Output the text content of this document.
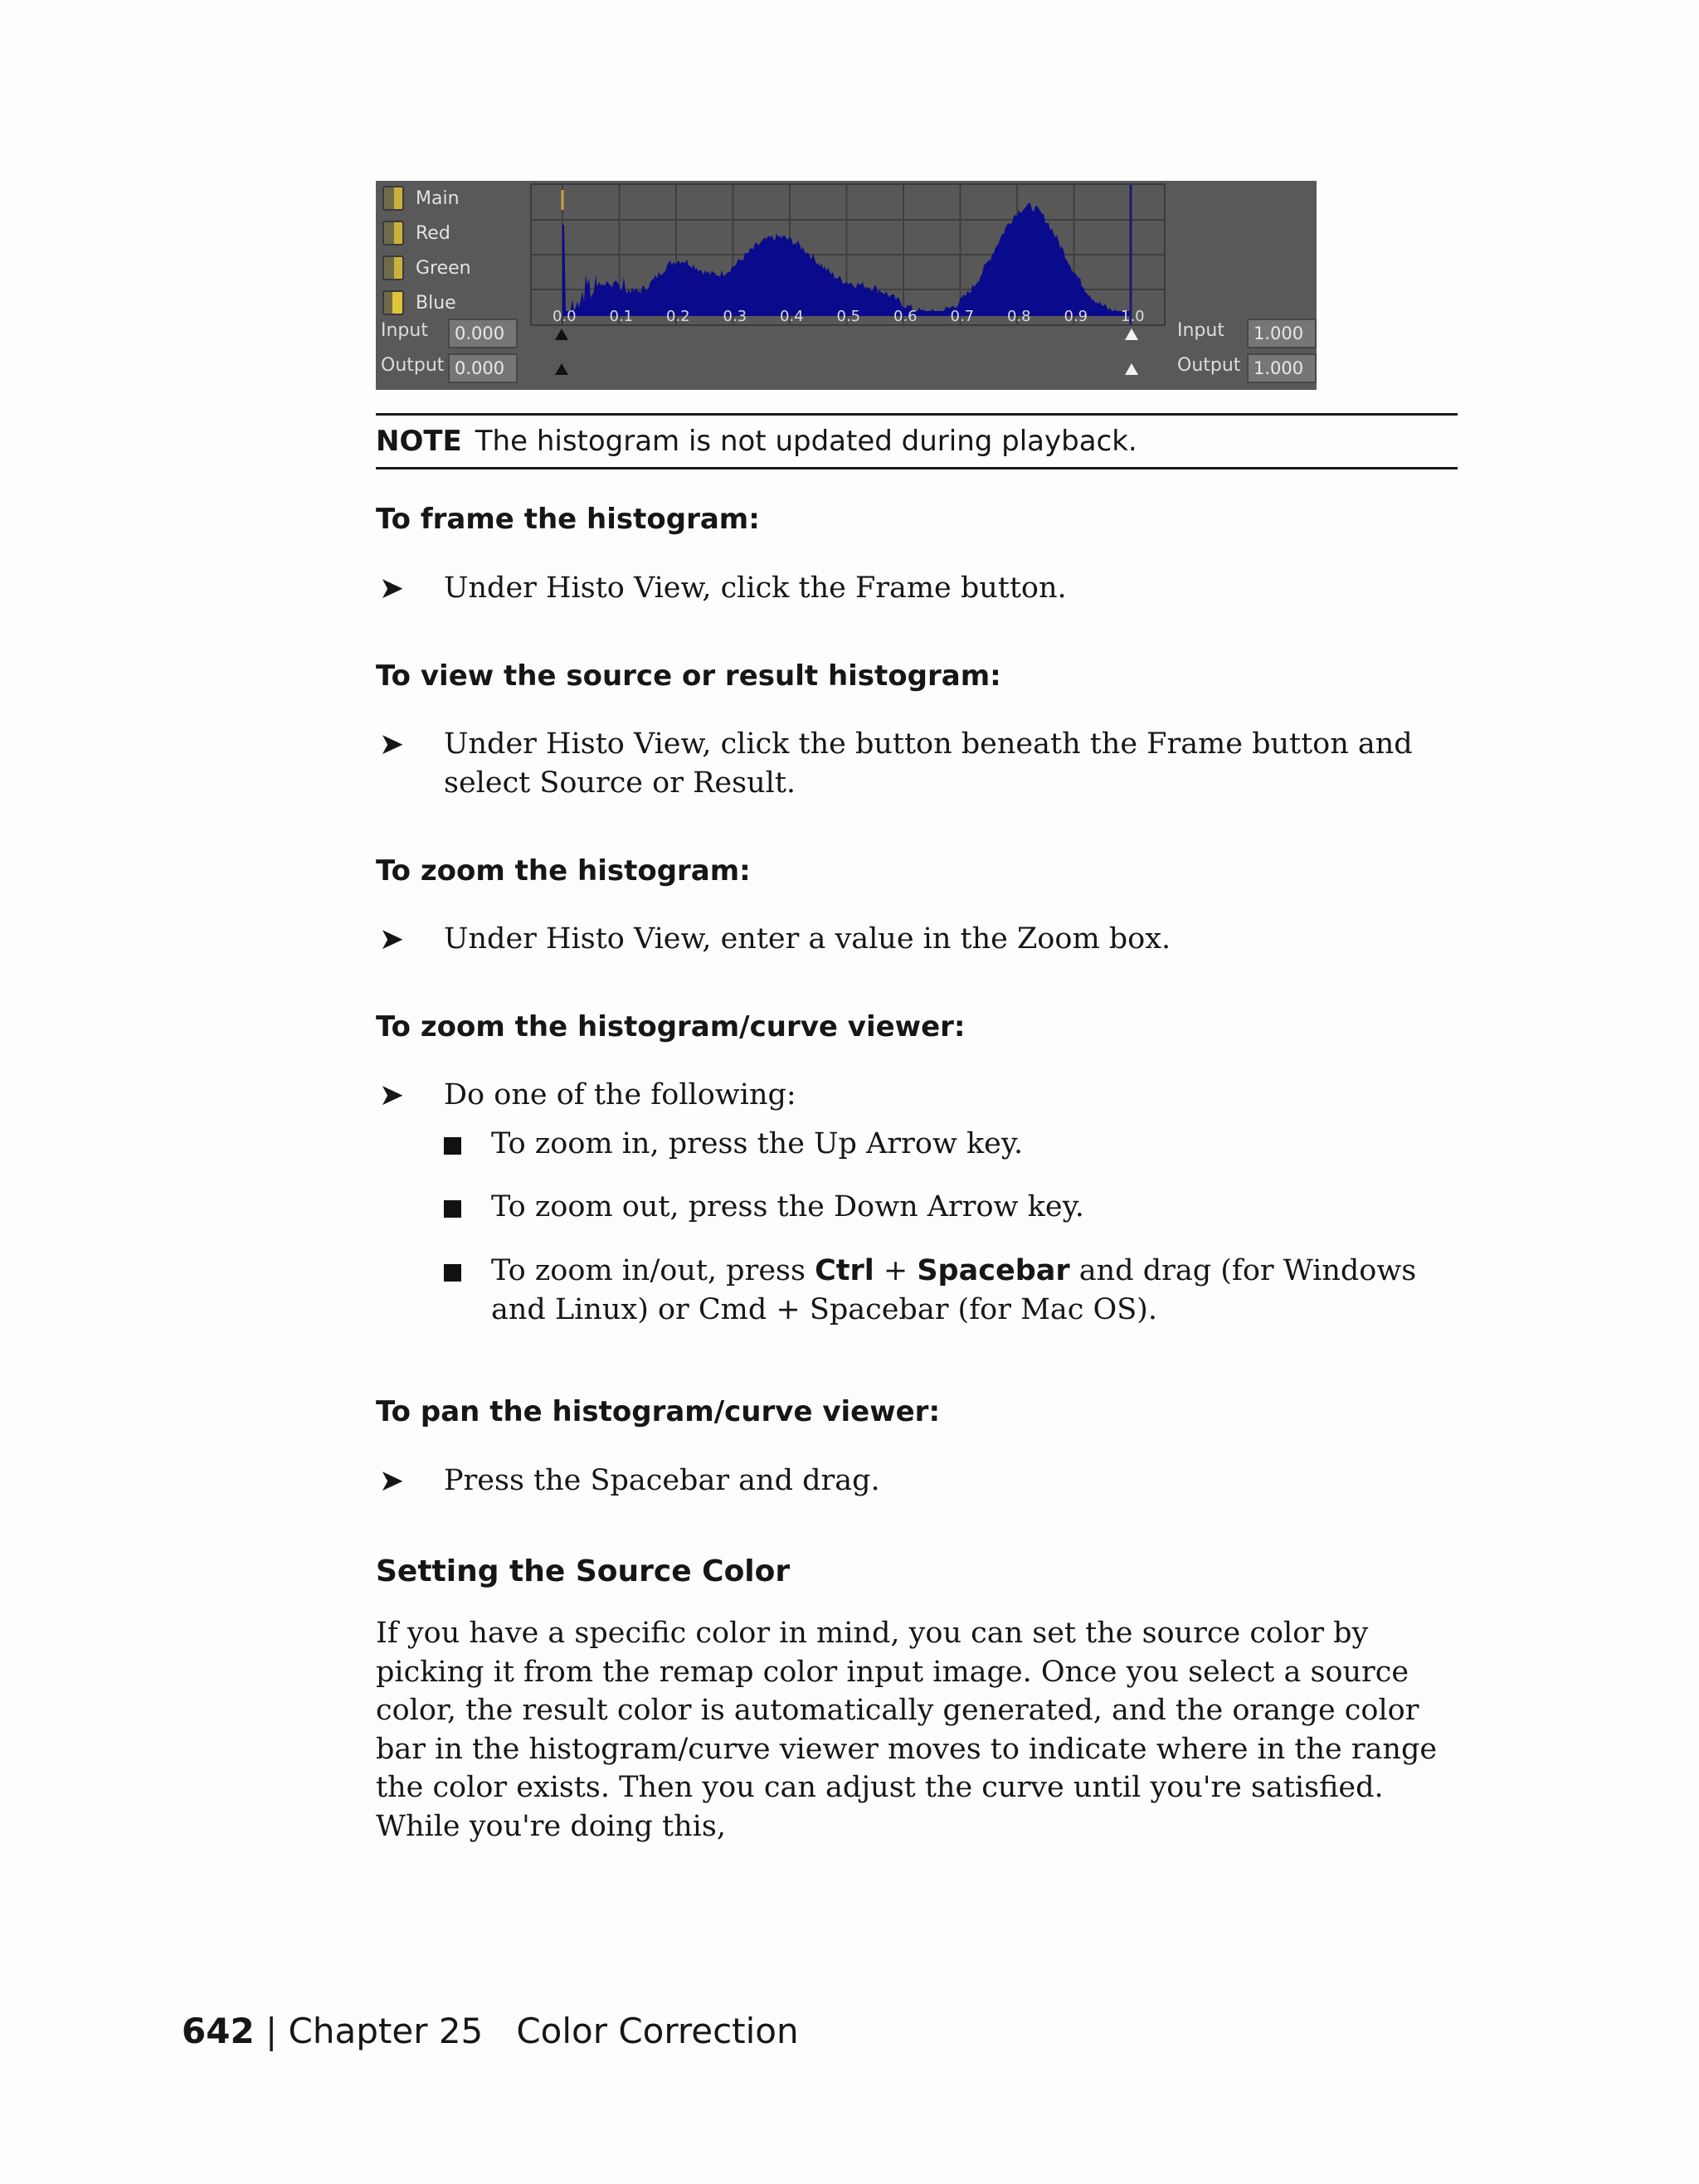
Main
Red
Green
Blue
0.0 0.1 0.2 0.3 0.4 0.5 0.6 0.7 0.8 0.9 1.0
Input	0.000
Output 0.000
Input	1.000
Output 1.000
NOTE The histogram is not updated during playback.
To frame the histogram:
➤ Under Histo View, click the Frame button.
To view the source or result histogram:
➤ Under Histo View, click the button beneath the Frame button and select Source or Result.
To zoom the histogram:
➤ Under Histo View, enter a value in the Zoom box.
To zoom the histogram/curve viewer:
➤ Do one of the following:
To zoom in, press the Up Arrow key.
To zoom out, press the Down Arrow key.
To zoom in/out, press Ctrl + Spacebar and drag (for Windows and Linux) or Cmd + Spacebar (for Mac OS).
To pan the histogram/curve viewer:
➤ Press the Spacebar and drag.
Setting the Source Color
If you have a specific color in mind, you can set the source color by picking it from the remap color input image. Once you select a source color, the result color is automatically generated, and the orange color bar in the histogram/curve viewer moves to indicate where in the range the color exists. Then you can adjust the curve until you're satisfied. While you're doing this,
642 | Chapter 25 Color Correction
